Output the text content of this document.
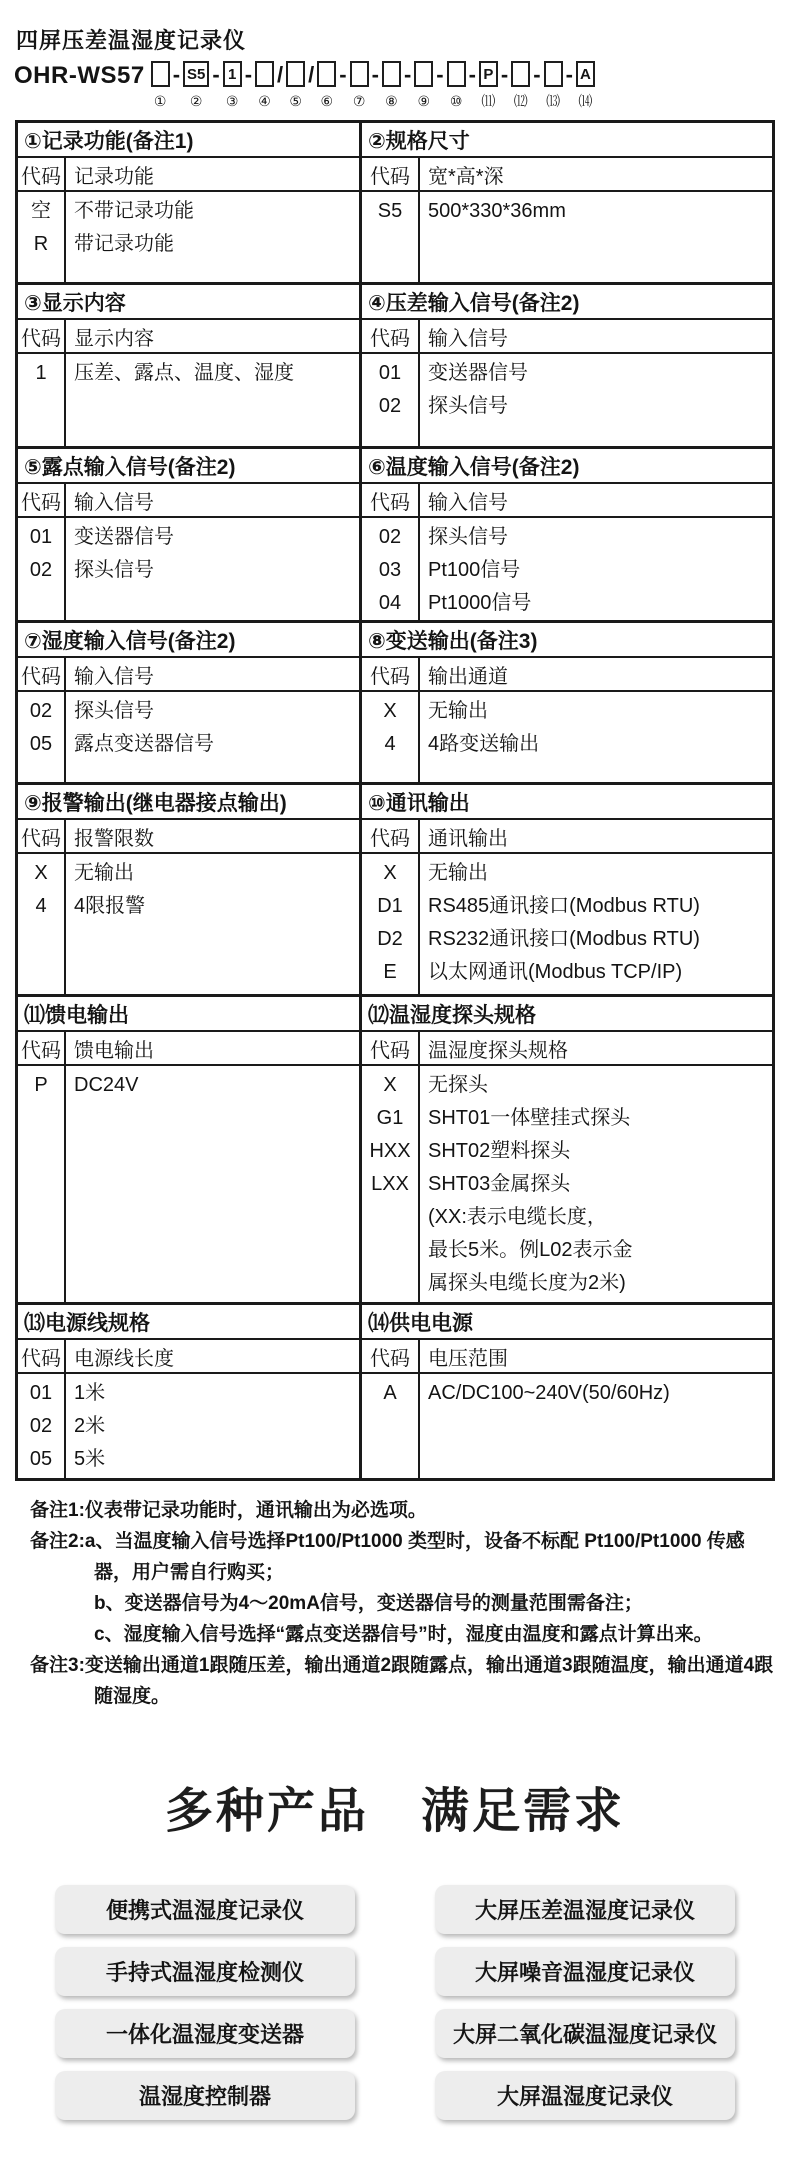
四屏压差温湿度记录仪
OHR-WS57
①
- S5
②
- 1
③
-
④
/
⑤
/
⑥
-
⑦
-
⑧
-
⑨
-
⑩
- P
⑾
-
⑿
-
⒀
- A
⒁
①记录功能(备注1)
代码 记录功能
空
R
不带记录功能
带记录功能
②规格尺寸
代码 宽*高*深
S5 500*330*36mm
③显示内容
代码 显示内容
1 压差、露点、温度、湿度
④压差输入信号(备注2)
代码 输入信号
01
02
变送器信号
探头信号
⑤露点输入信号(备注2)
代码 输入信号
01
02
变送器信号
探头信号
⑥温度输入信号(备注2)
代码 输入信号
02
03
04
探头信号
Pt100信号
Pt1000信号
⑦湿度输入信号(备注2)
代码 输入信号
02
05
探头信号
露点变送器信号
⑧变送输出(备注3)
代码 输出通道
X
4
无输出
4路变送输出
⑨报警输出(继电器接点输出)
代码 报警限数
X
4
无输出
4限报警
⑩通讯输出
代码 通讯输出
X
D1
D2
E
无输出
RS485通讯接口(Modbus RTU)
RS232通讯接口(Modbus RTU)
以太网通讯(Modbus TCP/IP)
⑾馈电输出
代码 馈电输出
P DC24V
⑿温湿度探头规格
代码 温湿度探头规格
X
G1
HXX
LXX
无探头
SHT01一体壁挂式探头
SHT02塑料探头
SHT03金属探头
(XX:表示电缆长度，
最长5米。例L02表示金
属探头电缆长度为2米)
⒀电源线规格
代码 电源线长度
01
02
05
1米
2米
5米
⒁供电电源
代码 电压范围
A AC/DC100~240V(50/60Hz)
备注1:仪表带记录功能时，通讯输出为必选项。
备注2:a、当温度输入信号选择Pt100/Pt1000 类型时，设备不标配 Pt100/Pt1000 传感器，用户需自行购买；
b、变送器信号为4～20mA信号，变送器信号的测量范围需备注；
c、湿度输入信号选择“露点变送器信号”时，湿度由温度和露点计算出来。
备注3:变送输出通道1跟随压差，输出通道2跟随露点，输出通道3跟随温度，输出通道4跟随湿度。
多种产品 满足需求
便携式温湿度记录仪
手持式温湿度检测仪
一体化温湿度变送器
温湿度控制器
大屏压差温湿度记录仪
大屏噪音温湿度记录仪
大屏二氧化碳温湿度记录仪
大屏温湿度记录仪
